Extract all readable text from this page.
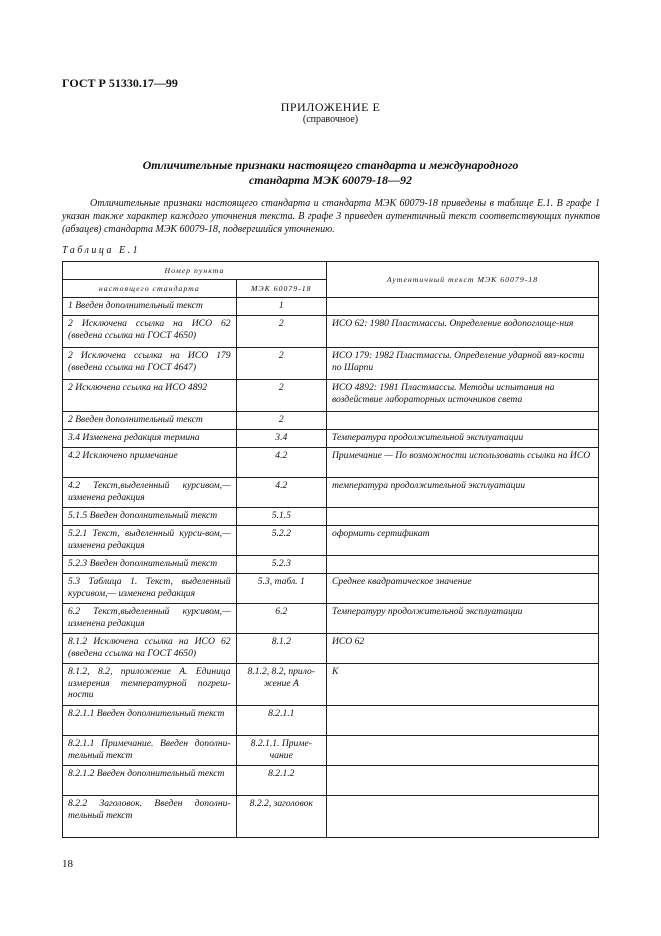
ГОСТ Р 51330.17—99
ПРИЛОЖЕНИЕ Е
(справочное)
Отличительные признаки настоящего стандарта и международного
стандарта МЭК 60079-18—92
Отличительные признаки настоящего стандарта и стандарта МЭК 60079-18 приведены в таблице Е.1. В графе 1 указан также характер каждого уточнения текста. В графе 3 приведен аутентичный текст соответствующих пунктов (абзацев) стандарта МЭК 60079-18, подвергшийся уточнению.
Таблица Е.1
Номер пункта		Аутентичный текст МЭК 60079-18
настоящего стандарта	МЭК 60079-18	
1 Введен дополнительный текст	1	
2 Исключена ссылка на ИСО 62 (введена ссылка на ГОСТ 4650)	2	ИСО 62: 1980 Пластмассы. Определение водопоглоще-ния
2 Исключена ссылка на ИСО 179 (введена ссылка на ГОСТ 4647)	2	ИСО 179: 1982 Пластмассы. Определение ударной вяз-кости по Шарпи
2 Исключена ссылка на ИСО 4892	2	ИСО 4892: 1981 Пластмассы. Методы испытания на воздействие лабораторных источников света
2 Введен дополнительный текст	2	
3.4 Изменена редакция термина	3.4	Температура продолжительной эксплуатации
4.2 Исключено примечание	4.2	Примечание — По возможности использовать ссылки на ИСО
4.2 Текст,выделенный курсивом,— изменена редакция	4.2	температура продолжительной эксплуатации
5.1.5 Введен дополнительный текст	5.1.5	
5.2.1 Текст, выделенный курси-вом,— изменена редакция	5.2.2	оформить сертификат
5.2.3 Введен дополнительный текст	5.2.3	
5.3 Таблица 1. Текст, выделенный курсивом,— изменена редакция	5.3, табл. 1	Среднее квадратическое значение
6.2 Текст,выделенный курсивом,— изменена редакция	6.2	Температуру продолжительной эксплуатации
8.1.2 Исключена ссылка на ИСО 62 (введена ссылка на ГОСТ 4650)	8.1.2	ИСО 62
8.1.2, 8.2, приложение А. Единица измерения температурной погреш-ности	8.1.2, 8.2, прило-жение А	К
8.2.1.1 Введен дополнительный текст	8.2.1.1	
8.2.1.1 Примечание. Введен дополни-тельный текст	8.2.1.1. Приме-чание	
8.2.1.2 Введен дополнительный текст	8.2.1.2	
8.2.2 Заголовок. Введен дополни-тельный текст	8.2.2, заголовок	
18
